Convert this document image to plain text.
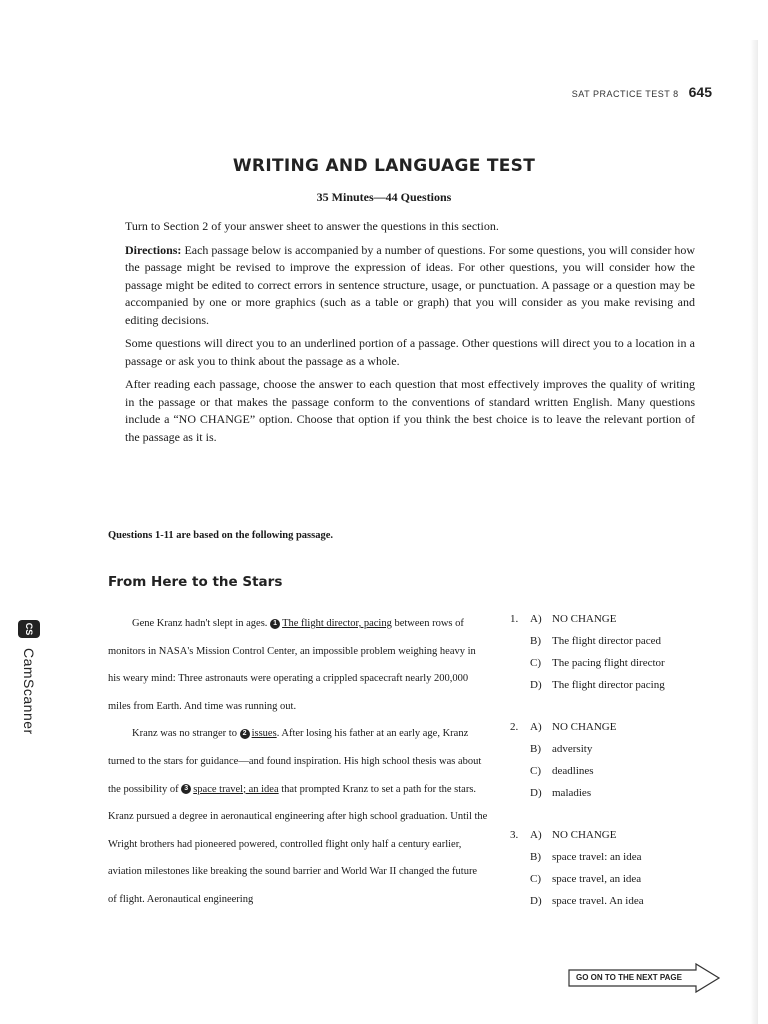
SAT PRACTICE TEST 8 645
WRITING AND LANGUAGE TEST
35 Minutes—44 Questions

Turn to Section 2 of your answer sheet to answer the questions in this section.

Directions: Each passage below is accompanied by a number of questions. For some questions, you will consider how the passage might be revised to improve the expression of ideas. For other questions, you will consider how the passage might be edited to correct errors in sentence structure, usage, or punctuation. A passage or a question may be accompanied by one or more graphics (such as a table or graph) that you will consider as you make revising and editing decisions.

Some questions will direct you to an underlined portion of a passage. Other questions will direct you to a location in a passage or ask you to think about the passage as a whole.

After reading each passage, choose the answer to each question that most effectively improves the quality of writing in the passage or that makes the passage conform to the conventions of standard written English. Many questions include a “NO CHANGE” option. Choose that option if you think the best choice is to leave the relevant portion of the passage as it is.

Questions 1-11 are based on the following passage.
From Here to the Stars

Gene Kranz hadn't slept in ages. 1 The flight director, pacing between rows of monitors in NASA's Mission Control Center, an impossible problem weighing heavy in his weary mind: Three astronauts were operating a crippled spacecraft nearly 200,000 miles from Earth. And time was running out.

Kranz was no stranger to 2 issues. After losing his father at an early age, Kranz turned to the stars for guidance—and found inspiration. His high school thesis was about the possibility of 3 space travel; an idea that prompted Kranz to set a path for the stars. Kranz pursued a degree in aeronautical engineering after high school graduation. Until the Wright brothers had pioneered powered, controlled flight only half a century earlier, aviation milestones like breaking the sound barrier and World War II changed the future of flight. Aeronautical engineering

1.	A) NO CHANGE
B)	The flight director paced
C)	The pacing flight director
D) The flight director pacing
2.	A) NO CHANGE
B)	adversity
C)	deadlines
D) maladies
3.	A) NO CHANGE
B)	space travel: an idea
C)	space travel, an idea
D) space travel. An idea
CS
CamScanner
GO ON TO THE NEXT PAGE
